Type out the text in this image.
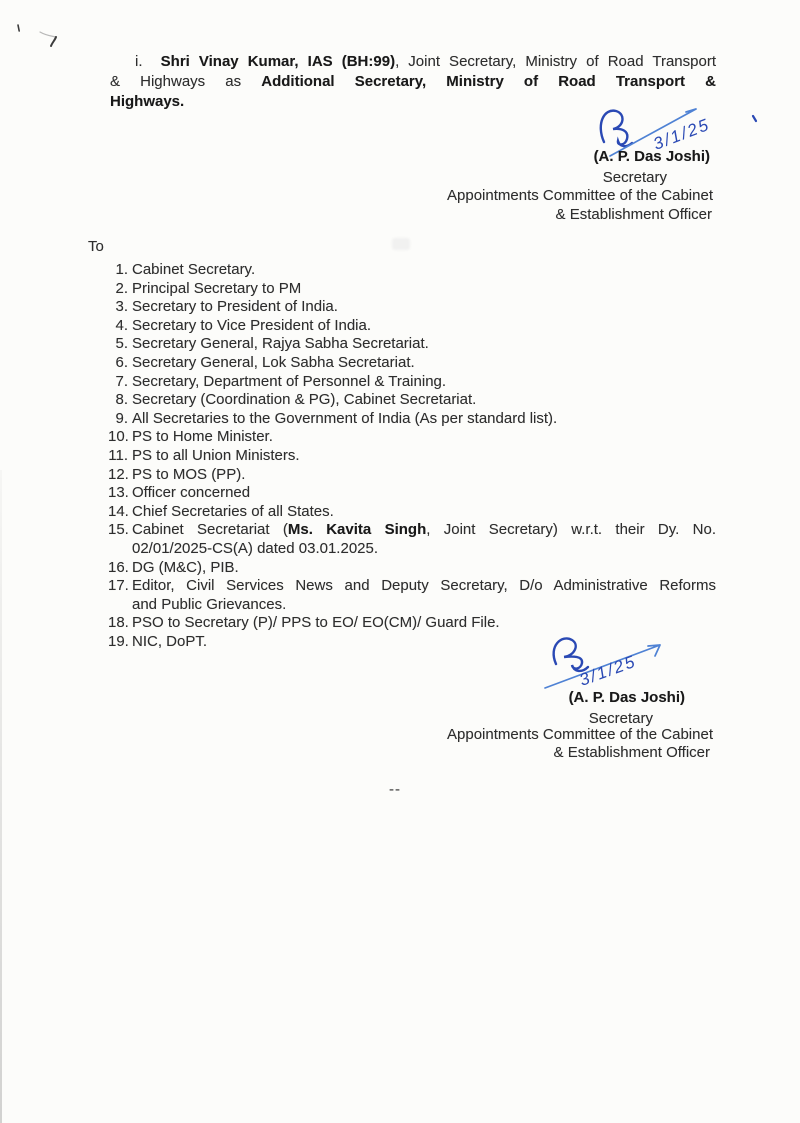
i.  Shri Vinay Kumar, IAS (BH:99), Joint Secretary, Ministry of Road Transport
& Highways as Additional Secretary, Ministry of Road Transport &
Highways.
3/1/25
(A. P. Das Joshi)
Secretary
Appointments Committee of the Cabinet
& Establishment Officer
To
1. Cabinet Secretary.
2. Principal Secretary to PM
3. Secretary to President of India.
4. Secretary to Vice President of India.
5. Secretary General, Rajya Sabha Secretariat.
6. Secretary General, Lok Sabha Secretariat.
7. Secretary, Department of Personnel & Training.
8. Secretary (Coordination & PG), Cabinet Secretariat.
9. All Secretaries to the Government of India (As per standard list).
10. PS to Home Minister.
11. PS to all Union Ministers.
12. PS to MOS (PP).
13. Officer concerned
14. Chief Secretaries of all States.
15. Cabinet Secretariat (Ms. Kavita Singh, Joint Secretary) w.r.t. their Dy. No.
02/01/2025-CS(A) dated 03.01.2025.
16. DG (M&C), PIB.
17. Editor, Civil Services News and Deputy Secretary, D/o Administrative Reforms
and Public Grievances.
18. PSO to Secretary (P)/ PPS to EO/ EO(CM)/ Guard File.
19. NIC, DoPT.
3/1/25
(A. P. Das Joshi)
Secretary
Appointments Committee of the Cabinet
& Establishment Officer
--
